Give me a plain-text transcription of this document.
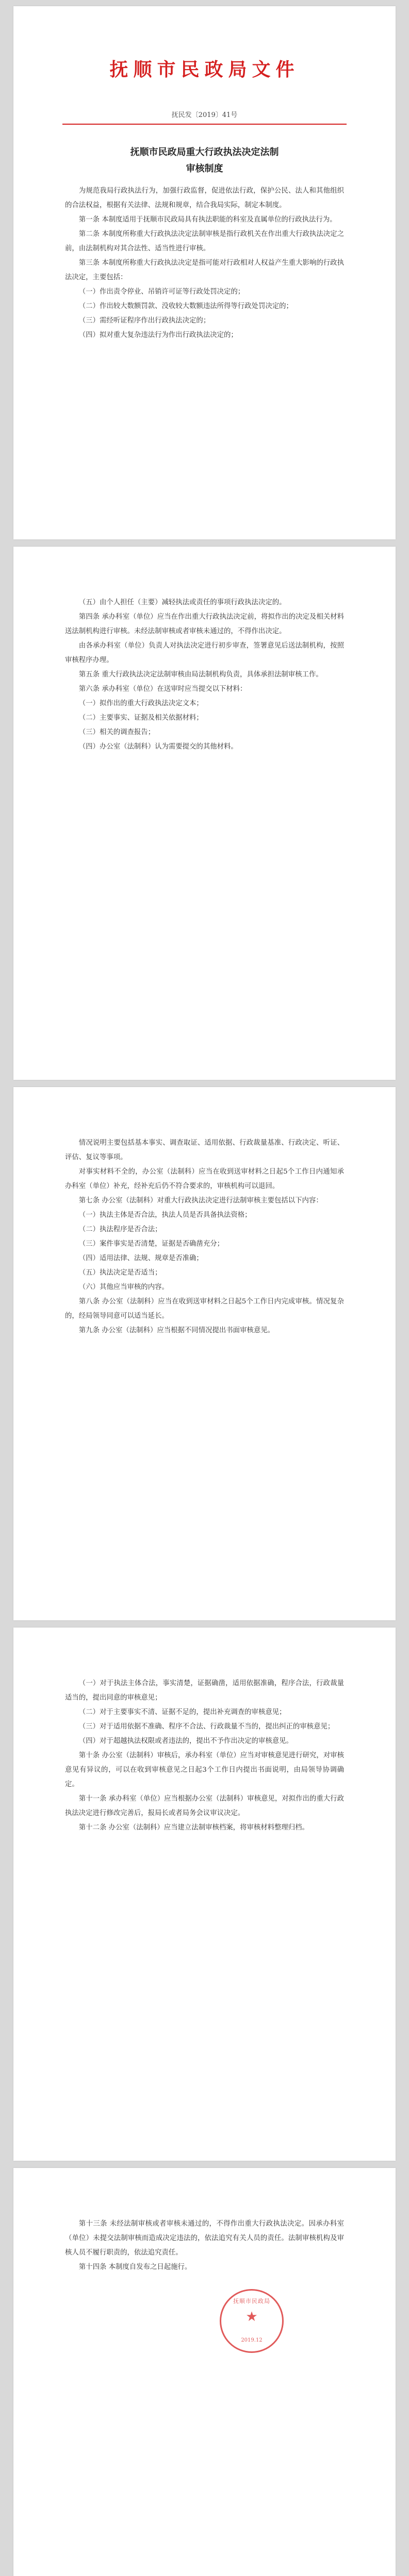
抚顺市民政局文件
抚民发〔2019〕41号
抚顺市民政局重大行政执法决定法制
审核制度

为规范我局行政执法行为，加强行政监督，促进依法行政，保护公民、法人和其他组织的合法权益，根据有关法律、法规和规章，结合我局实际，制定本制度。

第一条 本制度适用于抚顺市民政局具有执法职能的科室及直属单位的行政执法行为。

第二条 本制度所称重大行政执法决定法制审核是指行政机关在作出重大行政执法决定之前，由法制机构对其合法性、适当性进行审核。

第三条 本制度所称重大行政执法决定是指可能对行政相对人权益产生重大影响的行政执法决定，主要包括：

（一）作出责令停业、吊销许可证等行政处罚决定的；

（二）作出较大数额罚款、没收较大数额违法所得等行政处罚决定的；

（三）需经听证程序作出行政执法决定的；

（四）拟对重大复杂违法行为作出行政执法决定的；

（五）由个人担任（主要）减轻执法或责任的事项行政执法决定的。

第四条 承办科室（单位）应当在作出重大行政执法决定前，将拟作出的决定及相关材料送法制机构进行审核。未经法制审核或者审核未通过的，不得作出决定。

由各承办科室（单位）负责人对执法决定进行初步审查，签署意见后送法制机构，按照审核程序办理。

第五条 重大行政执法决定法制审核由局法制机构负责，具体承担法制审核工作。

第六条 承办科室（单位）在送审时应当提交以下材料：

（一）拟作出的重大行政执法决定文本；

（二）主要事实、证据及相关依据材料；

（三）相关的调查报告；

（四）办公室（法制科）认为需要提交的其他材料。

情况说明主要包括基本事实、调查取证、适用依据、行政裁量基准、行政决定、听证、评估、复议等事项。

对事实材料不全的，办公室（法制科）应当在收到送审材料之日起5个工作日内通知承办科室（单位）补充，经补充后仍不符合要求的，审核机构可以退回。

第七条 办公室（法制科）对重大行政执法决定进行法制审核主要包括以下内容：

（一）执法主体是否合法，执法人员是否具备执法资格；

（二）执法程序是否合法；

（三）案件事实是否清楚，证据是否确凿充分；

（四）适用法律、法规、规章是否准确；

（五）执法决定是否适当；

（六）其他应当审核的内容。

第八条 办公室（法制科）应当在收到送审材料之日起5个工作日内完成审核。情况复杂的，经局领导同意可以适当延长。

第九条 办公室（法制科）应当根据不同情况提出书面审核意见。

（一）对于执法主体合法，事实清楚，证据确凿，适用依据准确，程序合法，行政裁量适当的，提出同意的审核意见；

（二）对于主要事实不清、证据不足的，提出补充调查的审核意见；

（三）对于适用依据不准确、程序不合法、行政裁量不当的，提出纠正的审核意见；

（四）对于超越执法权限或者违法的，提出不予作出决定的审核意见。

第十条 办公室（法制科）审核后，承办科室（单位）应当对审核意见进行研究，对审核意见有异议的，可以在收到审核意见之日起3个工作日内提出书面说明，由局领导协调确定。

第十一条 承办科室（单位）应当根据办公室（法制科）审核意见，对拟作出的重大行政执法决定进行修改完善后，报局长或者局务会议审议决定。

第十二条 办公室（法制科）应当建立法制审核档案，将审核材料整理归档。

第十三条 未经法制审核或者审核未通过的，不得作出重大行政执法决定。因承办科室（单位）未提交法制审核而造成决定违法的，依法追究有关人员的责任。法制审核机构及审核人员不履行职责的，依法追究责任。

第十四条 本制度自发布之日起施行。

抚顺市民政局
★
2019.12
